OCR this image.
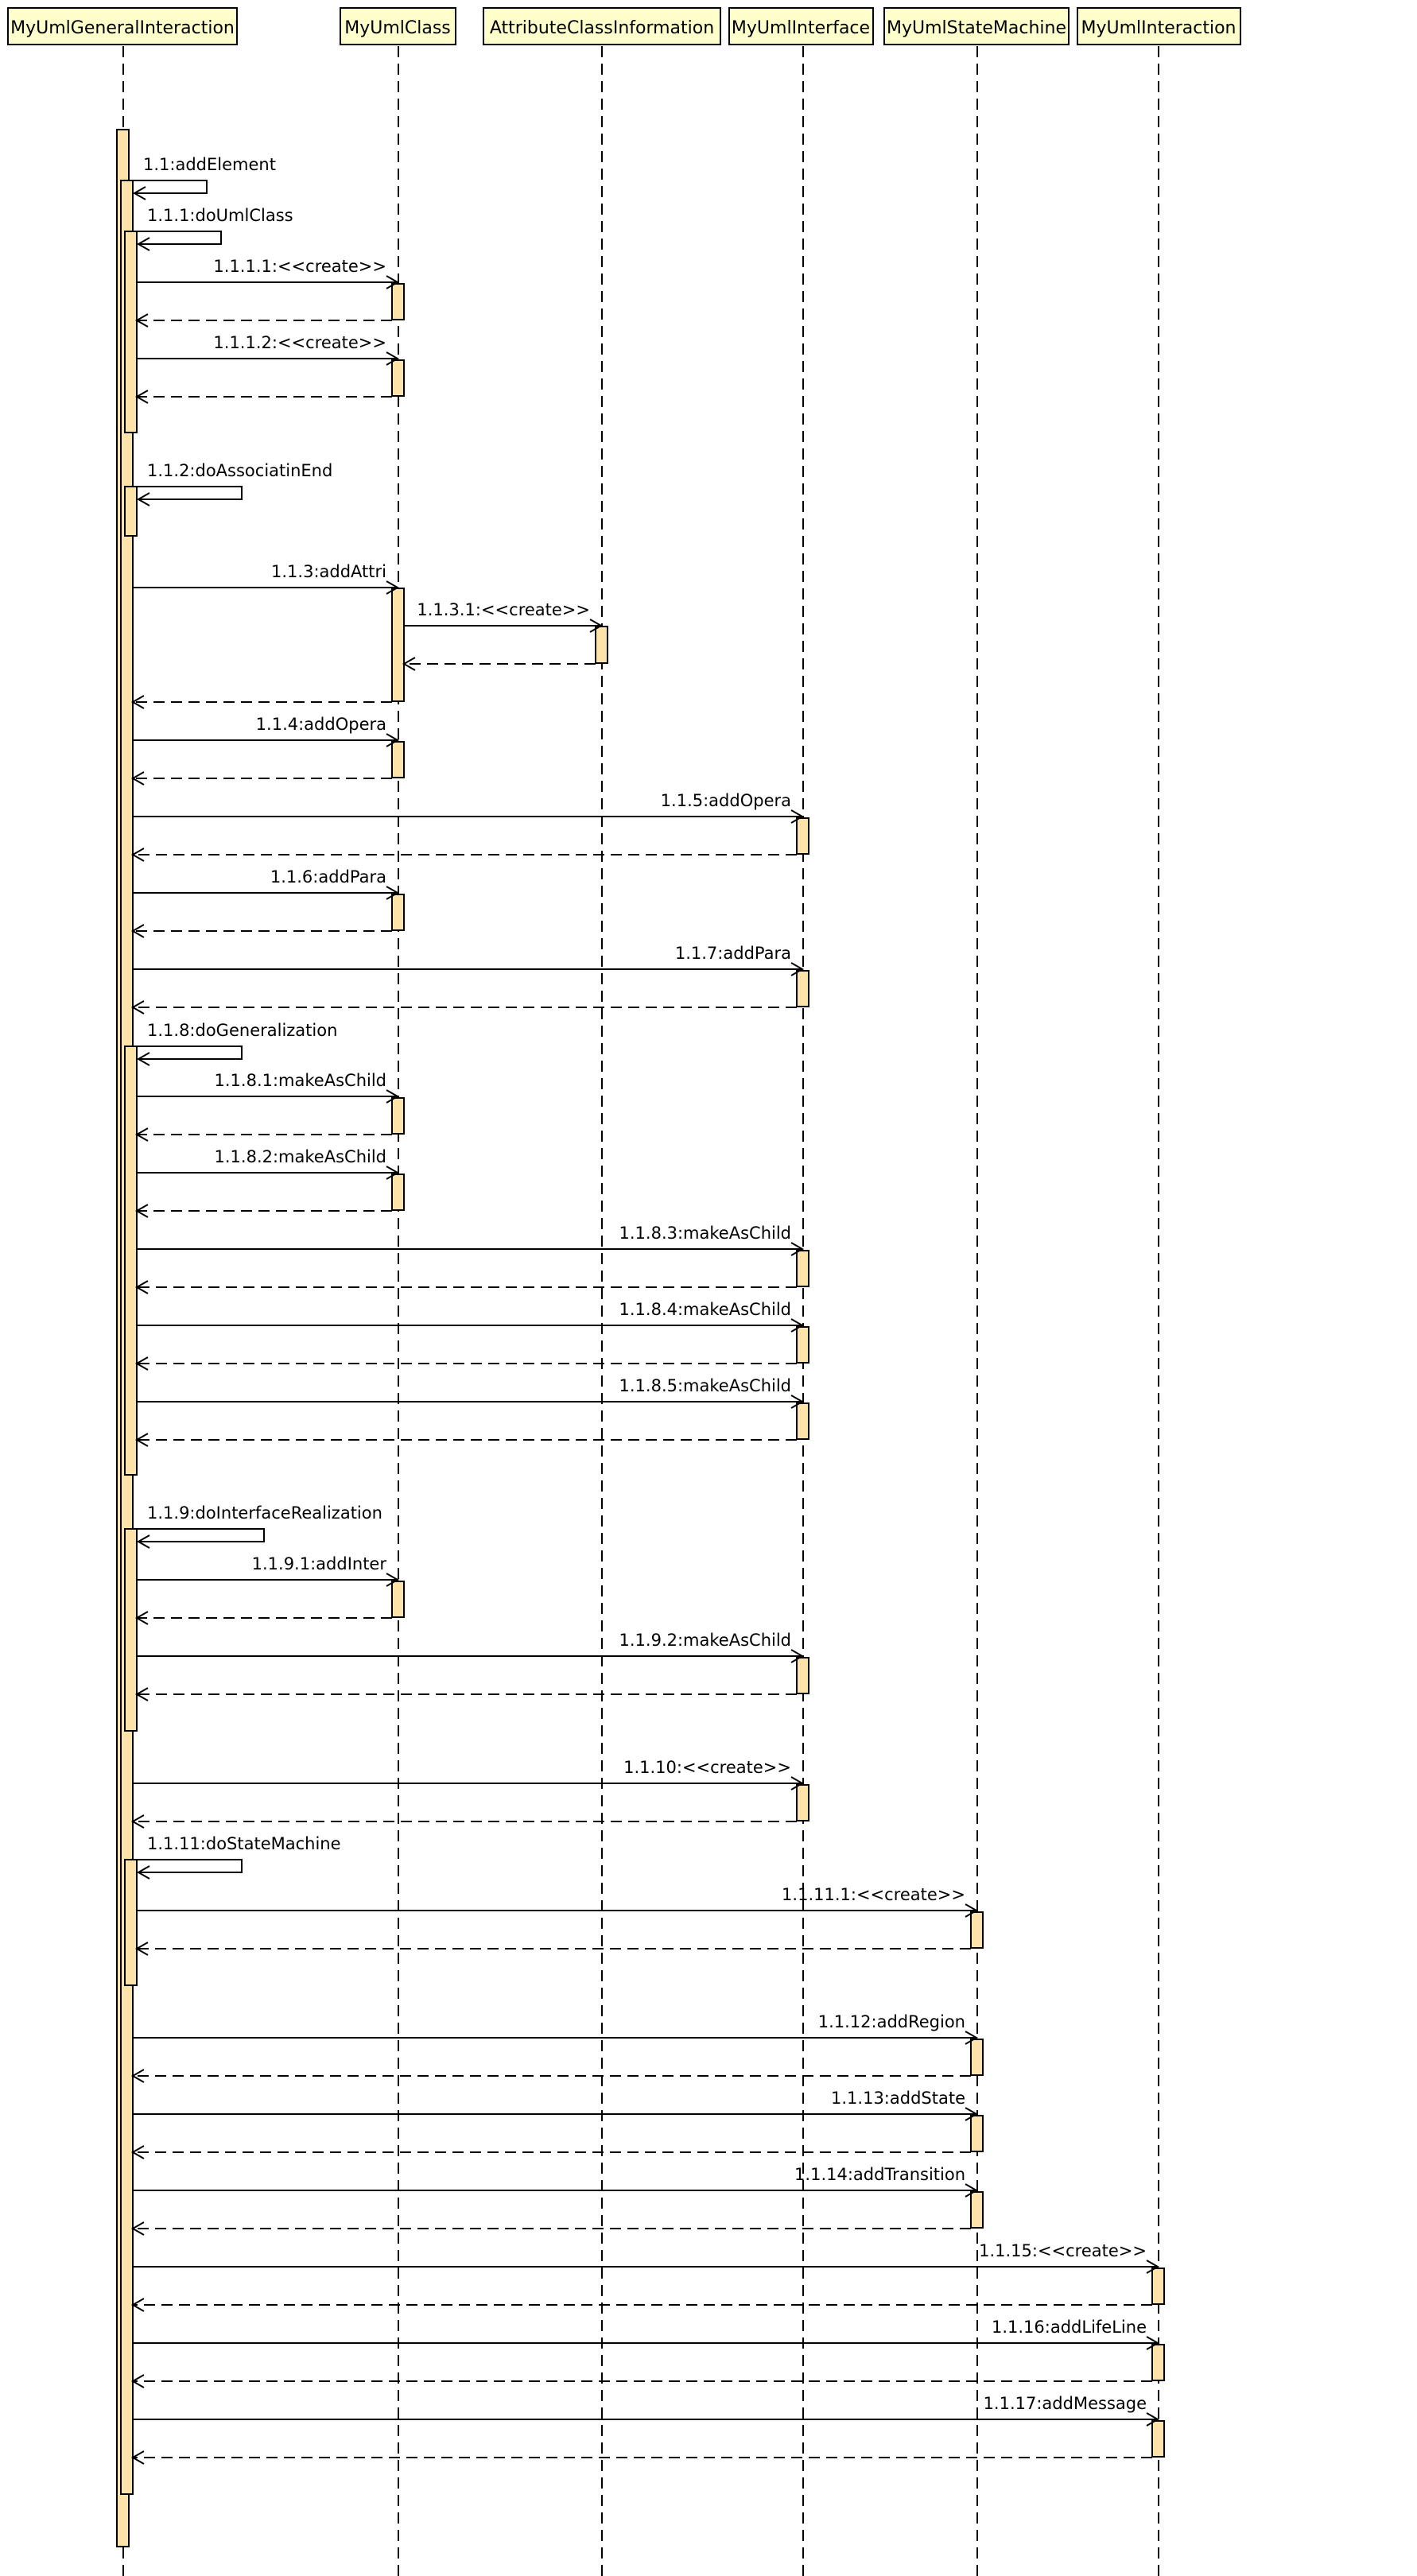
MyUmlGeneralInteraction	MyUmlClass AttributeClassInformation MyUmlInterface MyUmlStateMachine MyUmlInteraction
1.1:addElement
1.1.1:doUmlClass
1.1.1.1:<<create>>
1.1.1.2:<<create>>
1.1.2:doAssociatinEnd
1.1.3:addAttri
1.1.3.1:<<create>>
1.1.4:addOpera
1.1.5:addOpera
1.1.6:addPara
1.1.7:addPara
1.1.8:doGeneralization
1.1.8.1:makeAsChild
1.1.8.2:makeAsChild
1.1.8.3:makeAsChild
1.1.8.4:makeAsChild
1.1.8.5:makeAsChild
1.1.9:doInterfaceRealization
1.1.9.1:addInter
1.1.9.2:makeAsChild
1.1.10:<<create>>
1.1.11:doStateMachine
1.1.11.1:<<create>>
1.1.12:addRegion
1.1.13:addState
1.1.14:addTransition
1.1.15:<<create>>
1.1.16:addLifeLine
1.1.17:addMessage
